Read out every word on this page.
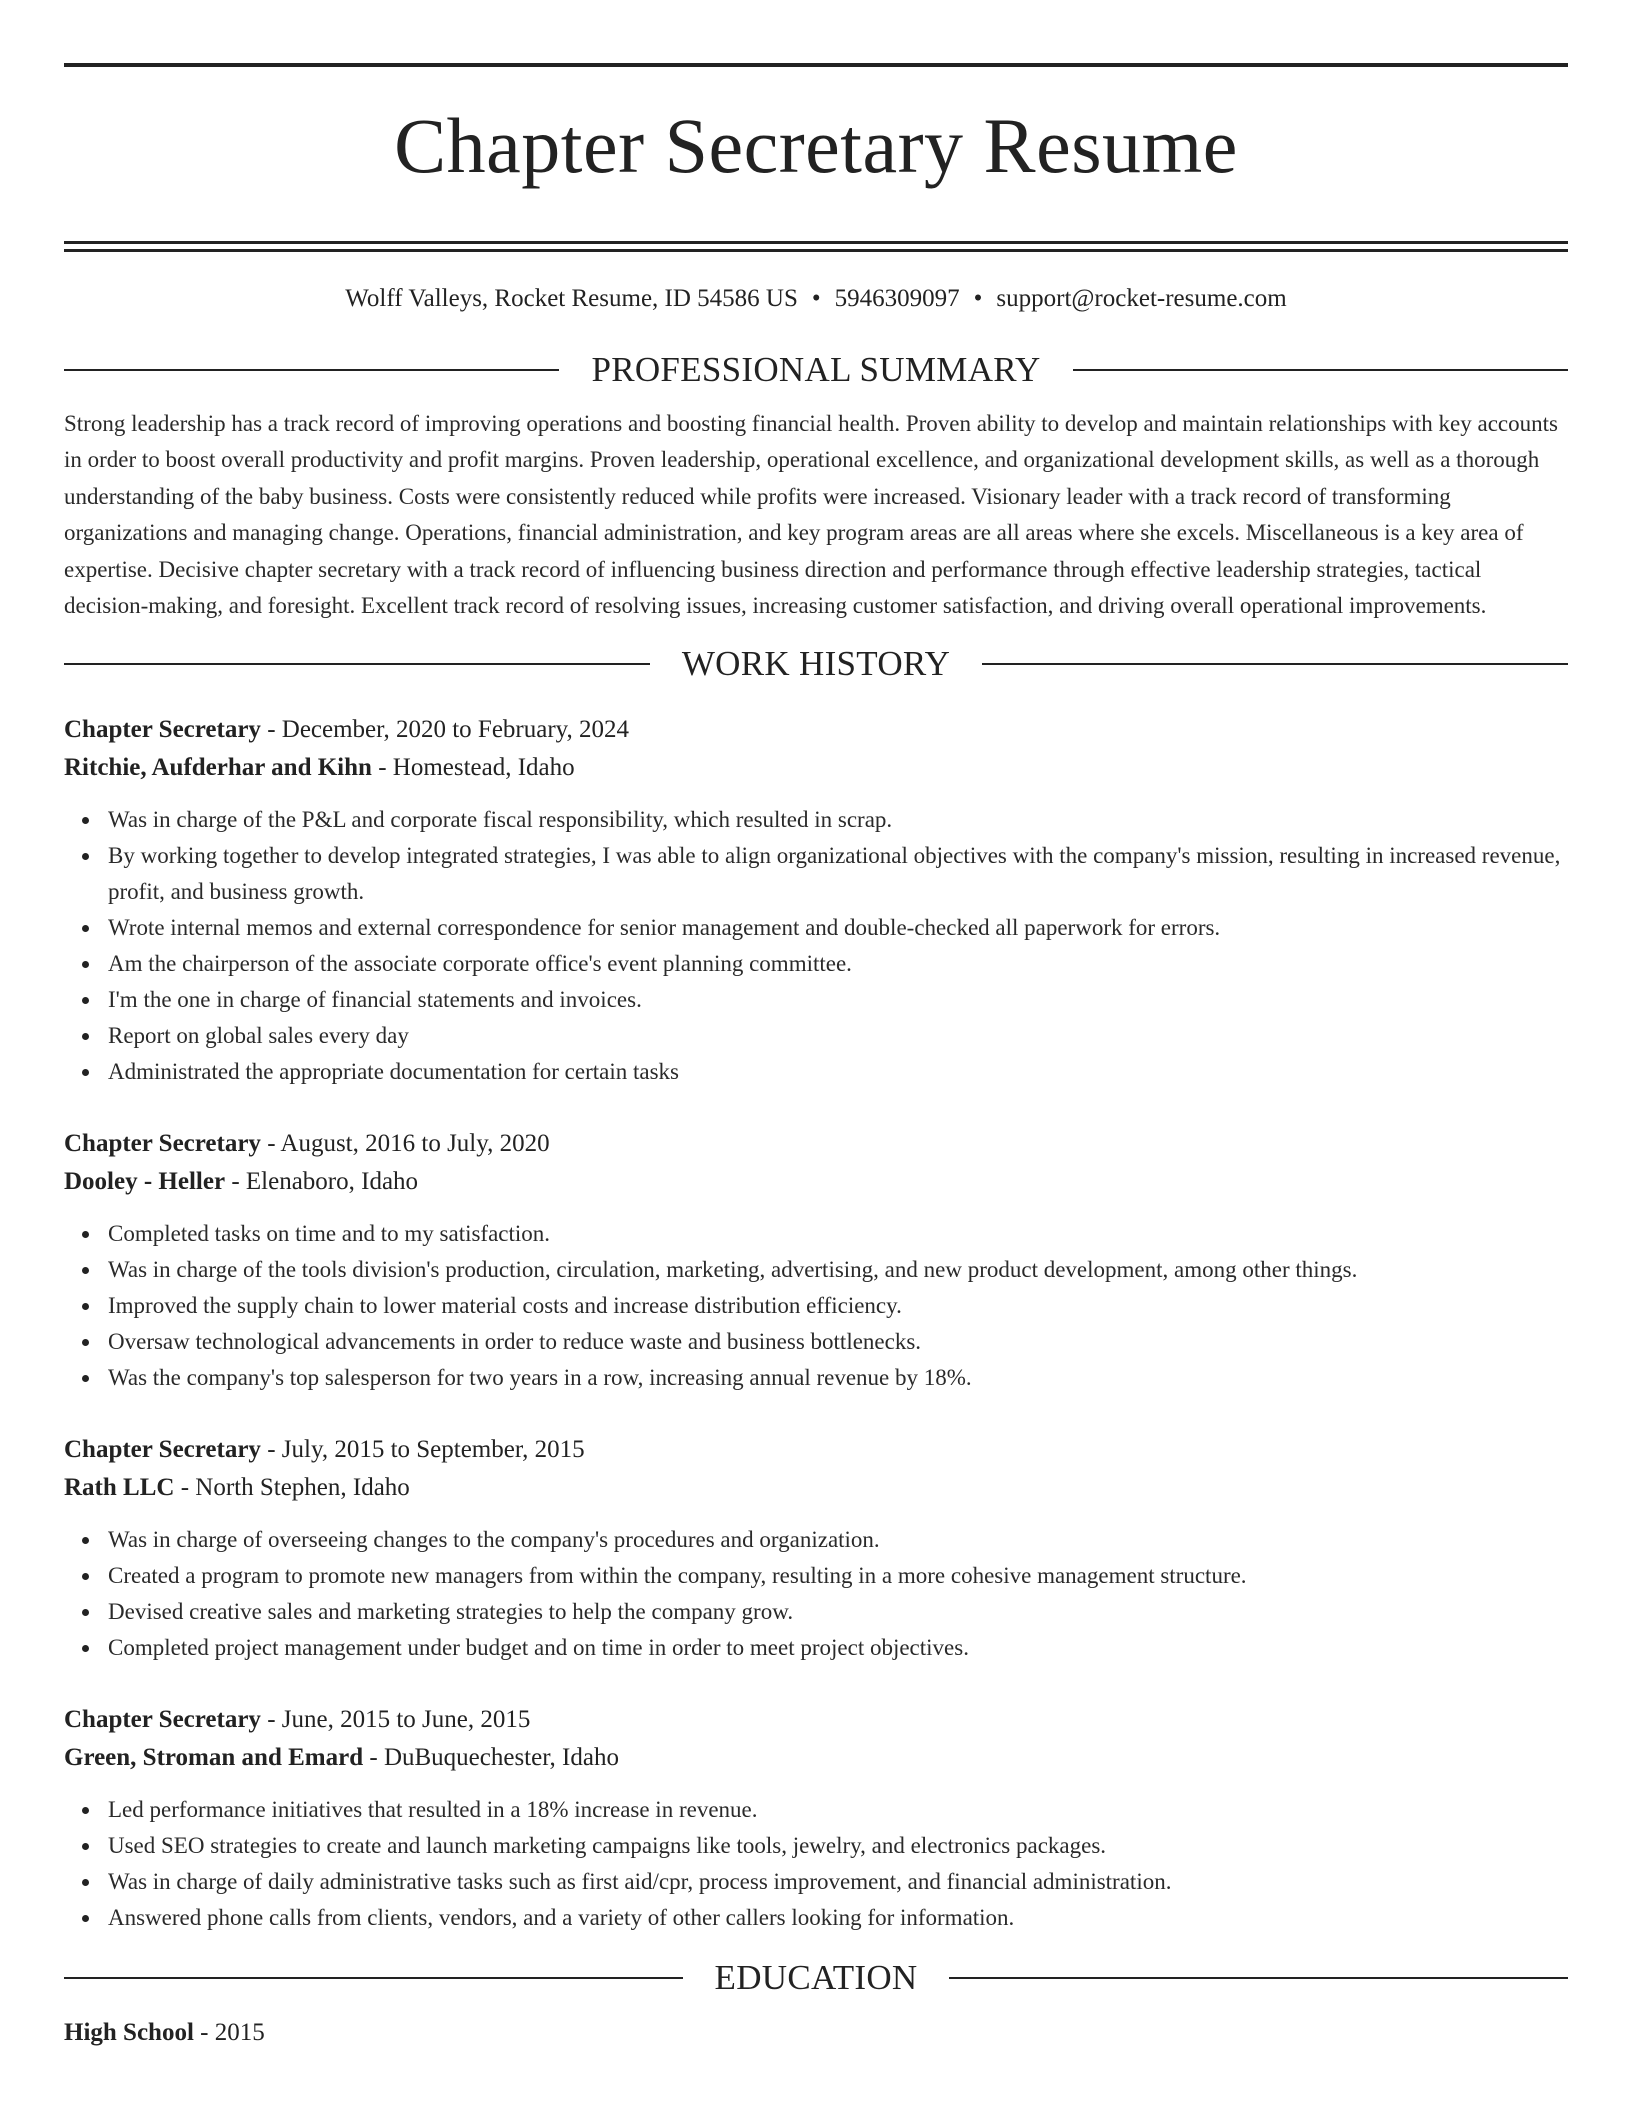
Chapter Secretary Resume
Wolff Valleys, Rocket Resume, ID 54586 US • 5946309097 • support@rocket-resume.com
PROFESSIONAL SUMMARY

Strong leadership has a track record of improving operations and boosting financial health. Proven ability to develop and maintain relationships with key accounts in order to boost overall productivity and profit margins. Proven leadership, operational excellence, and organizational development skills, as well as a thorough understanding of the baby business. Costs were consistently reduced while profits were increased. Visionary leader with a track record of transforming organizations and managing change. Operations, financial administration, and key program areas are all areas where she excels. Miscellaneous is a key area of expertise. Decisive chapter secretary with a track record of influencing business direction and performance through effective leadership strategies, tactical decision-making, and foresight. Excellent track record of resolving issues, increasing customer satisfaction, and driving overall operational improvements.

WORK HISTORY
Chapter Secretary - December, 2020 to February, 2024
Ritchie, Aufderhar and Kihn - Homestead, Idaho
Was in charge of the P&L and corporate fiscal responsibility, which resulted in scrap.
By working together to develop integrated strategies, I was able to align organizational objectives with the company's mission, resulting in increased revenue, profit, and business growth.
Wrote internal memos and external correspondence for senior management and double-checked all paperwork for errors.
Am the chairperson of the associate corporate office's event planning committee.
I'm the one in charge of financial statements and invoices.
Report on global sales every day
Administrated the appropriate documentation for certain tasks
Chapter Secretary - August, 2016 to July, 2020
Dooley - Heller - Elenaboro, Idaho
Completed tasks on time and to my satisfaction.
Was in charge of the tools division's production, circulation, marketing, advertising, and new product development, among other things.
Improved the supply chain to lower material costs and increase distribution efficiency.
Oversaw technological advancements in order to reduce waste and business bottlenecks.
Was the company's top salesperson for two years in a row, increasing annual revenue by 18%.
Chapter Secretary - July, 2015 to September, 2015
Rath LLC - North Stephen, Idaho
Was in charge of overseeing changes to the company's procedures and organization.
Created a program to promote new managers from within the company, resulting in a more cohesive management structure.
Devised creative sales and marketing strategies to help the company grow.
Completed project management under budget and on time in order to meet project objectives.
Chapter Secretary - June, 2015 to June, 2015
Green, Stroman and Emard - DuBuquechester, Idaho
Led performance initiatives that resulted in a 18% increase in revenue.
Used SEO strategies to create and launch marketing campaigns like tools, jewelry, and electronics packages.
Was in charge of daily administrative tasks such as first aid/cpr, process improvement, and financial administration.
Answered phone calls from clients, vendors, and a variety of other callers looking for information.
EDUCATION
High School - 2015
